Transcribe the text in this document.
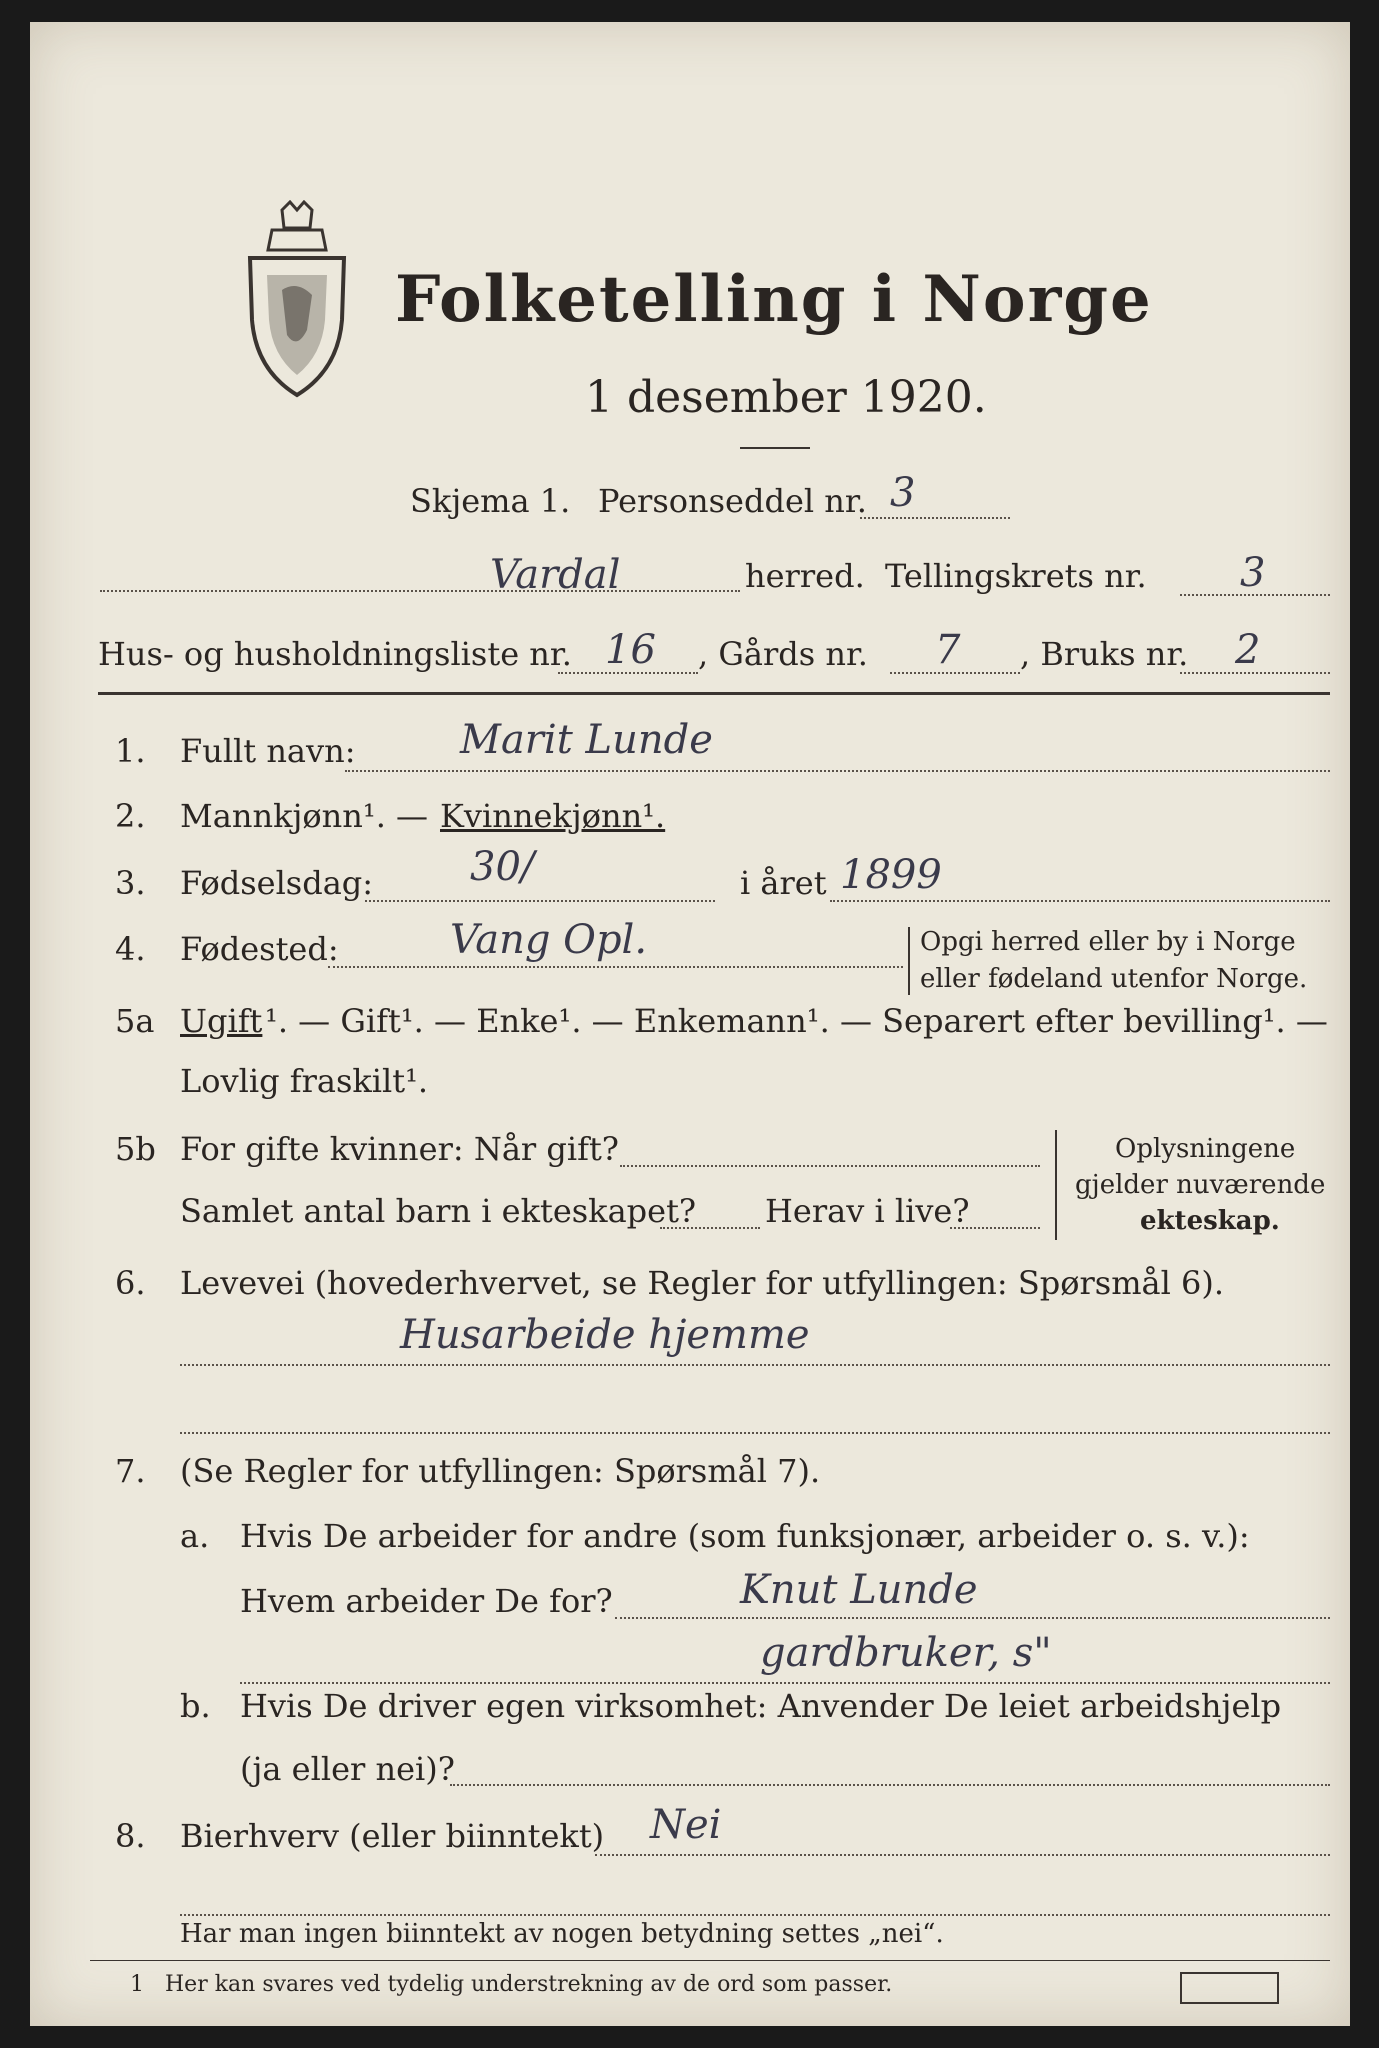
Folketelling i Norge
1 desember 1920.
Skjema 1. Personseddel nr. 3
Vardal	herred. Tellingskrets nr. 3
Hus- og husholdningsliste nr. 16 , Gårds nr. 7 , Bruks nr. 2
1. Fullt navn:	Marit Lunde
2. Mannkjønn¹. — Kvinnekjønn¹.
3. Fødselsdag: 30/	i året 1899
4. Fødested:	Vang Opl.	Opgi herred eller by i Norge
eller fødeland utenfor Norge.
5a Ugift ¹. — Gift¹. — Enke¹. — Enkemann¹. — Separert efter bevilling¹. —
Lovlig fraskilt¹.
5b For gifte kvinner: Når gift?
Samlet antal barn i ekteskapet? Herav i live?
Oplysningene
gjelder nuværende
ekteskap.
6. Levevei (hovederhvervet, se Regler for utfyllingen: Spørsmål 6).
Husarbeide hjemme
7. (Se Regler for utfyllingen: Spørsmål 7).
a. Hvis De arbeider for andre (som funksjonær, arbeider o. s. v.):
Hvem arbeider De for?	Knut Lunde
gardbruker, s"
b. Hvis De driver egen virksomhet: Anvender De leiet arbeidshjelp
(ja eller nei)?
8. Bierhverv (eller biinntekt) Nei
Har man ingen biinntekt av nogen betydning settes „nei“.
1 Her kan svares ved tydelig understrekning av de ord som passer.
